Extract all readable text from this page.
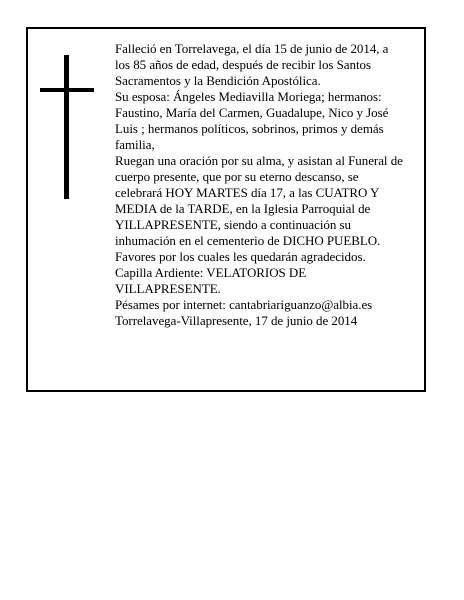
Falleció en Torrelavega, el día 15 de junio de 2014, a
los 85 años de edad, después de recibir los Santos
Sacramentos y la Bendición Apostólica.
Su esposa: Ángeles Mediavilla Moriega; hermanos:
Faustino, María del Carmen, Guadalupe, Nico y José
Luis ; hermanos políticos, sobrinos, primos y demás
familia,
Ruegan una oración por su alma, y asistan al Funeral de
cuerpo presente, que por su eterno descanso, se
celebrará HOY MARTES día 17, a las CUATRO Y
MEDIA de la TARDE, en la Iglesia Parroquial de
YILLAPRESENTE, siendo a continuación su
inhumación en el cementerio de DICHO PUEBLO.
Favores por los cuales les quedarán agradecidos.
Capilla Ardiente: VELATORIOS DE
VILLAPRESENTE.
Pésames por internet: cantabriariguanzo@albia.es
Torrelavega-Villapresente, 17 de junio de 2014
